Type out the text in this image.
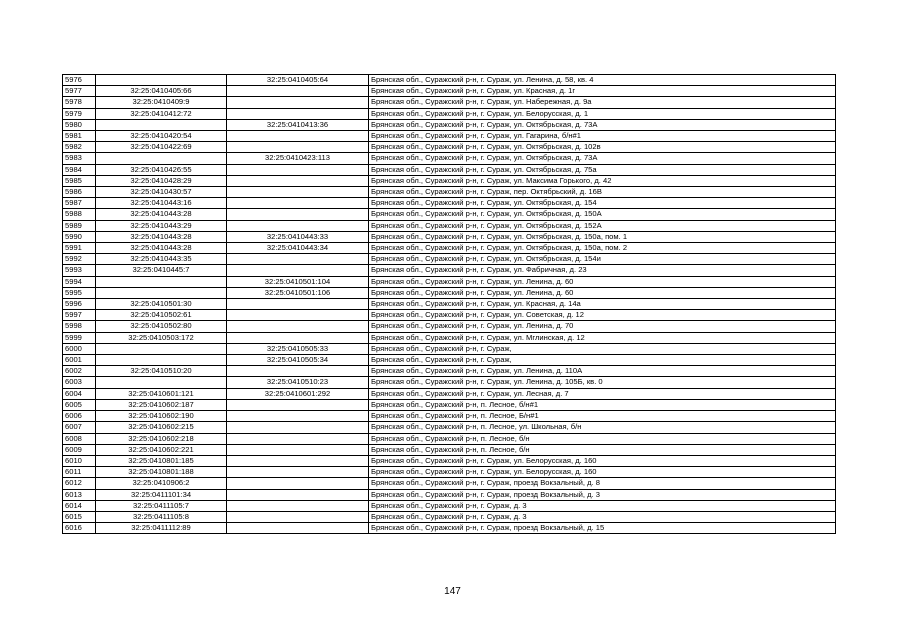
5976		32:25:0410405:64	Брянская обл., Суражский р-н, г. Сураж, ул. Ленина, д. 58, кв. 4
5977	32:25:0410405:66		Брянская обл., Суражский р-н, г. Сураж, ул. Красная, д. 1г
5978	32:25:0410409:9		Брянская обл., Суражский р-н, г. Сураж, ул. Набережная, д. 9а
5979	32:25:0410412:72		Брянская обл., Суражский р-н, г. Сураж, ул. Белорусская, д. 1
5980		32:25:0410413:36	Брянская обл., Суражский р-н, г. Сураж, ул. Октябрьская, д. 73А
5981	32:25:0410420:54		Брянская обл., Суражский р-н, г. Сураж, ул. Гагарина, б/н#1
5982	32:25:0410422:69		Брянская обл., Суражский р-н, г. Сураж, ул. Октябрьская, д. 102в
5983		32:25:0410423:113	Брянская обл., Суражский р-н, г. Сураж, ул. Октябрьская, д. 73А
5984	32:25:0410426:55		Брянская обл., Суражский р-н, г. Сураж, ул. Октябрьская, д. 75а
5985	32:25:0410428:29		Брянская обл., Суражский р-н, г. Сураж, ул. Максима Горького, д. 42
5986	32:25:0410430:57		Брянская обл., Суражский р-н, г. Сураж, пер. Октябрьский, д. 16В
5987	32:25:0410443:16		Брянская обл., Суражский р-н, г. Сураж, ул. Октябрьская, д. 154
5988	32:25:0410443:28		Брянская обл., Суражский р-н, г. Сураж, ул. Октябрьская, д. 150А
5989	32:25:0410443:29		Брянская обл., Суражский р-н, г. Сураж, ул. Октябрьская, д. 152А
5990	32:25:0410443:28	32:25:0410443:33	Брянская обл., Суражский р-н, г. Сураж, ул. Октябрьская, д. 150а, пом. 1
5991	32:25:0410443:28	32:25:0410443:34	Брянская обл., Суражский р-н, г. Сураж, ул. Октябрьская, д. 150а, пом. 2
5992	32:25:0410443:35		Брянская обл., Суражский р-н, г. Сураж, ул. Октябрьская, д. 154и
5993	32:25:0410445:7		Брянская обл., Суражский р-н, г. Сураж, ул. Фабричная, д. 23
5994		32:25:0410501:104	Брянская обл., Суражский р-н, г. Сураж, ул. Ленина, д. 60
5995		32:25:0410501:106	Брянская обл., Суражский р-н, г. Сураж, ул. Ленина, д. 60
5996	32:25:0410501:30		Брянская обл., Суражский р-н, г. Сураж, ул. Красная, д. 14а
5997	32:25:0410502:61		Брянская обл., Суражский р-н, г. Сураж, ул. Советская, д. 12
5998	32:25:0410502:80		Брянская обл., Суражский р-н, г. Сураж, ул. Ленина, д. 70
5999	32:25:0410503:172		Брянская обл., Суражский р-н, г. Сураж, ул. Мглинская, д. 12
6000		32:25:0410505:33	Брянская обл., Суражский р-н, г. Сураж,
6001		32:25:0410505:34	Брянская обл., Суражский р-н, г. Сураж,
6002	32:25:0410510:20		Брянская обл., Суражский р-н, г. Сураж, ул. Ленина, д. 110А
6003		32:25:0410510:23	Брянская обл., Суражский р-н, г. Сураж, ул. Ленина, д. 105Б, кв. 0
6004	32:25:0410601:121	32:25:0410601:292	Брянская обл., Суражский р-н, г. Сураж, ул. Лесная, д. 7
6005	32:25:0410602:187		Брянская обл., Суражский р-н, п. Лесное, б/н#1
6006	32:25:0410602:190		Брянская обл., Суражский р-н, п. Лесное, Б/н#1
6007	32:25:0410602:215		Брянская обл., Суражский р-н, п. Лесное, ул. Школьная, б/н
6008	32:25:0410602:218		Брянская обл., Суражский р-н, п. Лесное, б/н
6009	32:25:0410602:221		Брянская обл., Суражский р-н, п. Лесное, б/н
6010	32:25:0410801:185		Брянская обл., Суражский р-н, г. Сураж, ул. Белорусская, д. 160
6011	32:25:0410801:188		Брянская обл., Суражский р-н, г. Сураж, ул. Белорусская, д. 160
6012	32:25:0410906:2		Брянская обл., Суражский р-н, г. Сураж, проезд Вокзальный, д. 8
6013	32:25:0411101:34		Брянская обл., Суражский р-н, г. Сураж, проезд Вокзальный, д. 3
6014	32:25:0411105:7		Брянская обл., Суражский р-н, г. Сураж, д. 3
6015	32:25:0411105:8		Брянская обл., Суражский р-н, г. Сураж, д. 3
6016	32:25:0411112:89		Брянская обл., Суражский р-н, г. Сураж, проезд Вокзальный, д. 15
147
